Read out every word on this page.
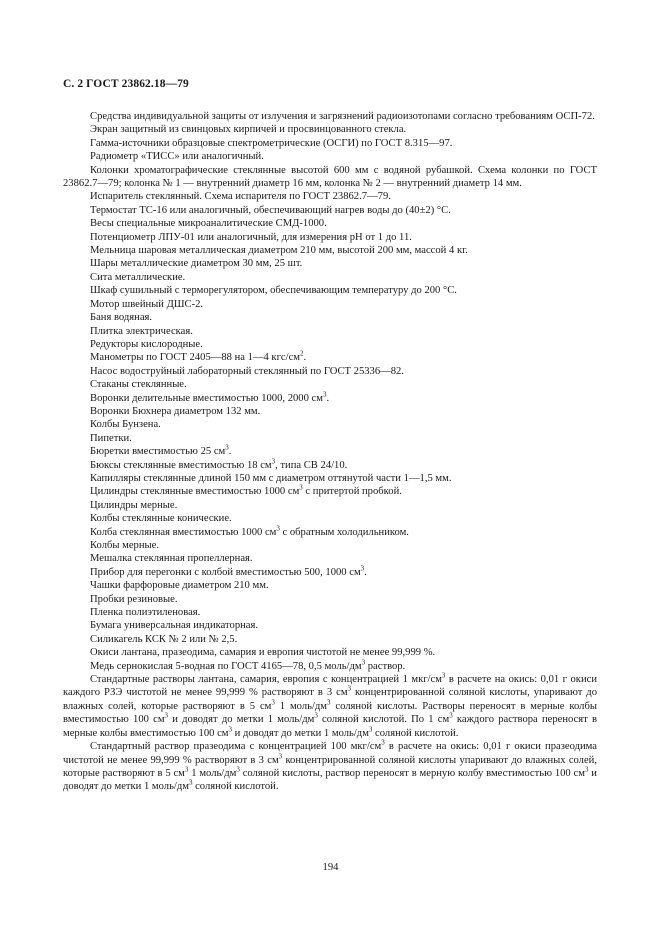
С. 2 ГОСТ 23862.18—79

Средства индивидуальной защиты от излучения и загрязнений радиоизотопами согласно требованиям ОСП-72.

Экран защитный из свинцовых кирпичей и просвинцованного стекла.

Гамма-источники образцовые спектрометрические (ОСГИ) по ГОСТ 8.315—97.

Радиометр «ТИСС» или аналогичный.

Колонки хроматографические стеклянные высотой 600 мм с водяной рубашкой. Схема колонки по ГОСТ 23862.7—79; колонка № 1 — внутренний диаметр 16 мм, колонка № 2 — внутренний диаметр 14 мм.

Испаритель стеклянный. Схема испарителя по ГОСТ 23862.7—79.

Термостат ТС-16 или аналогичный, обеспечивающий нагрев воды до (40±2) °С.

Весы специальные микроаналитические СМД-1000.

Потенциометр ЛПУ-01 или аналогичный, для измерения pH от 1 до 11.

Мельница шаровая металлическая диаметром 210 мм, высотой 200 мм, массой 4 кг.

Шары металлические диаметром 30 мм, 25 шт.

Сита металлические.

Шкаф сушильный с терморегулятором, обеспечивающим температуру до 200 °С.

Мотор швейный ДШС-2.

Баня водяная.

Плитка электрическая.

Редукторы кислородные.

Манометры по ГОСТ 2405—88 на 1—4 кгс/$см^2$.

Насос водоструйный лабораторный стеклянный по ГОСТ 25336—82.

Стаканы стеклянные.

Воронки делительные вместимостью 1000, 2000 $см^3$.

Воронки Бюхнера диаметром 132 мм.

Колбы Бунзена.

Пипетки.

Бюретки вместимостью 25 $см^3$.

Бюксы стеклянные вместимостью 18 $см^3$, типа СВ 24/10.

Капилляры стеклянные длиной 150 мм с диаметром оттянутой части 1—1,5 мм.

Цилиндры стеклянные вместимостью 1000 $см^3$ с притертой пробкой.

Цилиндры мерные.

Колбы стеклянные конические.

Колба стеклянная вместимостью 1000 $см^3$ с обратным холодильником.

Колбы мерные.

Мешалка стеклянная пропеллерная.

Прибор для перегонки с колбой вместимостью 500, 1000 $см^3$.

Чашки фарфоровые диаметром 210 мм.

Пробки резиновые.

Пленка полиэтиленовая.

Бумага универсальная индикаторная.

Силикагель КСК № 2 или № 2,5.

Окиси лантана, празеодима, самария и европия чистотой не менее 99,999 %.

Медь сернокислая 5-водная по ГОСТ 4165—78, 0,5 моль/$дм^3$ раствор.

Стандартные растворы лантана, самария, европия с концентрацией 1 мкг/$см^3$ в расчете на окись: 0,01 г окиси каждого РЗЭ чистотой не менее 99,999 % растворяют в 3 $см^3$ концентрированной соляной кислоты, упаривают до влажных солей, которые растворяют в 5 $см^3$ 1 моль/$дм^3$ соляной кислоты. Растворы переносят в мерные колбы вместимостью 100 $см^3$ и доводят до метки 1 моль/$дм^3$ соляной кислотой. По 1 $см^3$ каждого раствора переносят в мерные колбы вместимостью 100 $см^3$ и доводят до метки 1 моль/$дм^3$ соляной кислотой.

Стандартный раствор празеодима с концентрацией 100 мкг/$см^3$ в расчете на окись: 0,01 г окиси празеодима чистотой не менее 99,999 % растворяют в 3 $см^3$ концентрированной соляной кислоты упаривают до влажных солей, которые растворяют в 5 $см^3$ 1 моль/$дм^3$ соляной кислоты, раствор переносят в мерную колбу вместимостью 100 $см^3$ и доводят до метки 1 моль/$дм^3$ соляной кислотой.

194
